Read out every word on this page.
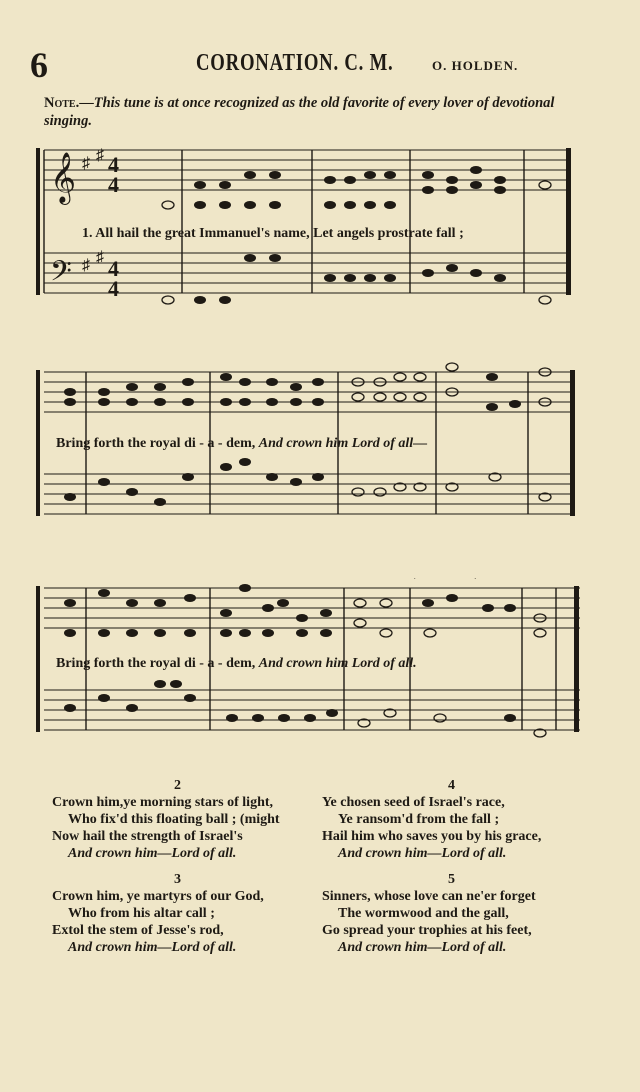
6	CORONATION. C. M.	O. HOLDEN.
Note.—This tune is at once recognized as the old favorite of every lover of devotional singing.
𝄞 ♯ ♯ 4
4
𝄢 ♯ ♯ 4
4
1. All hail the great Immanuel's name, Let angels prostrate fall ;
Bring forth the royal di - a - dem, And crown him Lord of all—
Bring forth the royal di - a - dem, And crown him Lord of all.
2
Crown him,ye morning stars of light,
Who fix'd this floating ball ; (might
Now hail the strength of Israel's
And crown him—Lord of all.
4
Ye chosen seed of Israel's race,
Ye ransom'd from the fall ;
Hail him who saves you by his grace,
And crown him—Lord of all.
3
Crown him, ye martyrs of our God,
Who from his altar call ;
Extol the stem of Jesse's rod,
And crown him—Lord of all.
5
Sinners, whose love can ne'er forget
The wormwood and the gall,
Go spread your trophies at his feet,
And crown him—Lord of all.
